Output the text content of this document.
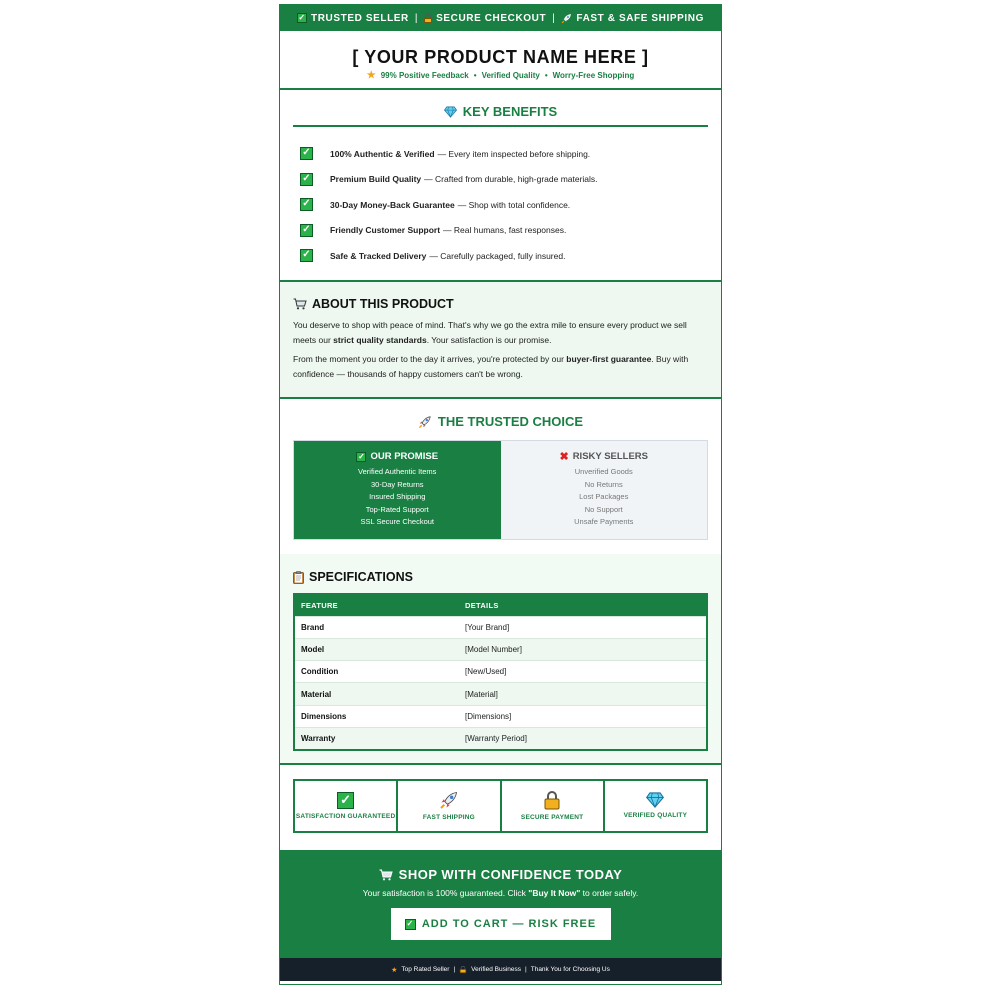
✓ TRUSTED SELLER | SECURE CHECKOUT | FAST & SAFE SHIPPING
[ YOUR PRODUCT NAME HERE ]
★ 99% Positive Feedback • Verified Quality • Worry-Free Shopping
KEY BENEFITS
✓ 100% Authentic & Verified — Every item inspected before shipping.
✓ Premium Build Quality — Crafted from durable, high-grade materials.
✓ 30-Day Money-Back Guarantee — Shop with total confidence.
✓ Friendly Customer Support — Real humans, fast responses.
✓ Safe & Tracked Delivery — Carefully packaged, fully insured.
ABOUT THIS PRODUCT

You deserve to shop with peace of mind. That's why we go the extra mile to ensure every product we sell meets our strict quality standards. Your satisfaction is our promise.

From the moment you order to the day it arrives, you're protected by our buyer-first guarantee. Buy with confidence — thousands of happy customers can't be wrong.

THE TRUSTED CHOICE
✓ OUR PROMISE
Verified Authentic Items
30-Day Returns
Insured Shipping
Top-Rated Support
SSL Secure Checkout
✖ RISKY SELLERS
Unverified Goods
No Returns
Lost Packages
No Support
Unsafe Payments
SPECIFICATIONS
FEATURE	DETAILS
Brand	[Your Brand]
Model	[Model Number]
Condition	[New/Used]
Material	[Material]
Dimensions	[Dimensions]
Warranty	[Warranty Period]
✓
SATISFACTION GUARANTEED	FAST SHIPPING	SECURE PAYMENT	VERIFIED QUALITY
SHOP WITH CONFIDENCE TODAY

Your satisfaction is 100% guaranteed. Click "Buy It Now" to order safely.

✓ ADD TO CART — RISK FREE
★ Top Rated Seller | Verified Business | Thank You for Choosing Us
